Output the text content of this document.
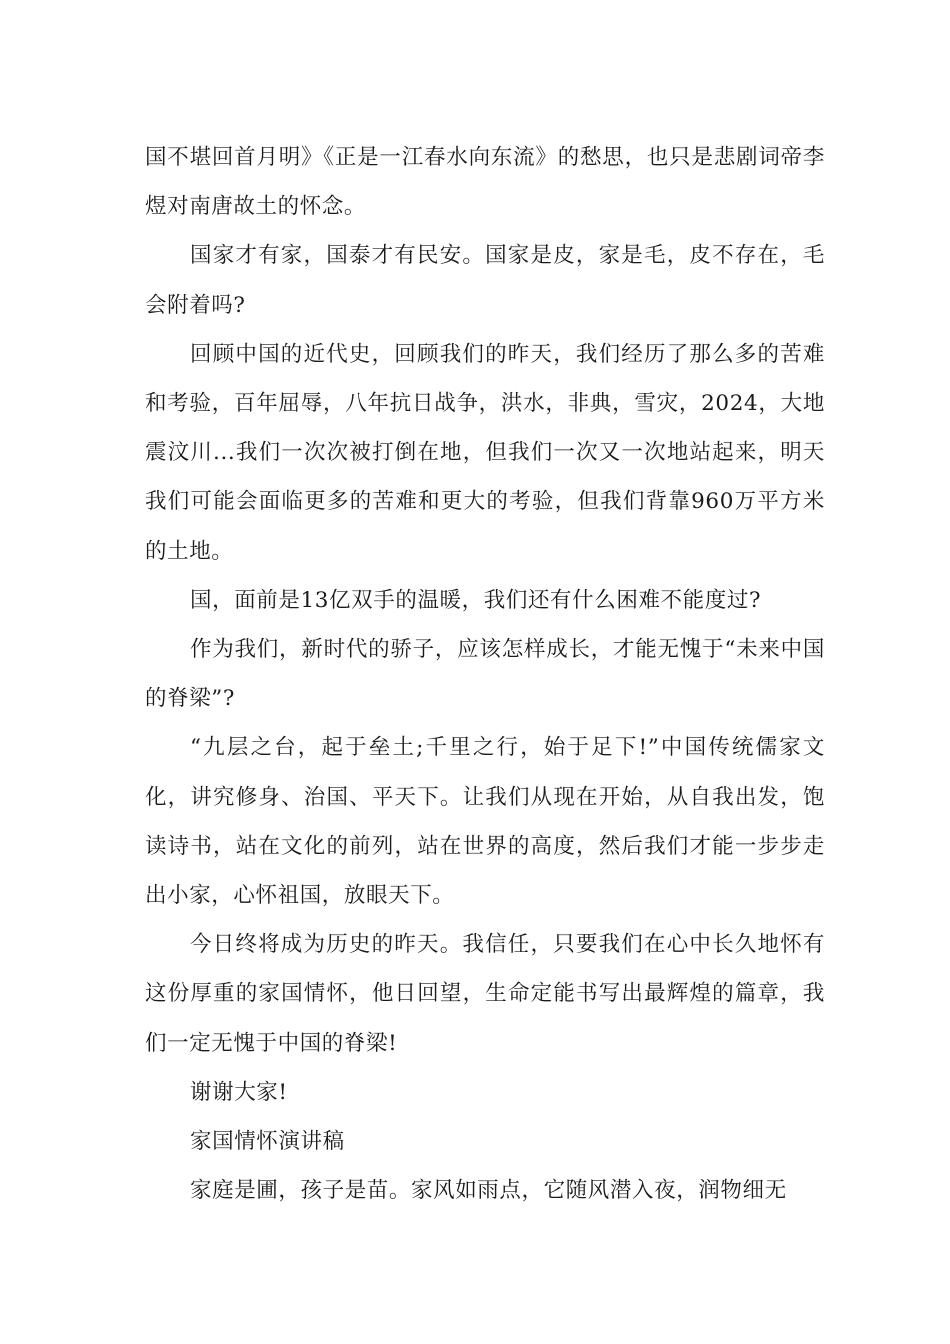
国不堪回首月明》《正是一江春水向东流》的愁思，也只是悲剧词帝李煜对南唐故土的怀念。

国家才有家，国泰才有民安。国家是皮，家是毛，皮不存在，毛会附着吗?

回顾中国的近代史，回顾我们的昨天，我们经历了那么多的苦难和考验，百年屈辱，八年抗日战争，洪水，非典，雪灾，2024，大地震汶川...我们一次次被打倒在地，但我们一次又一次地站起来，明天我们可能会面临更多的苦难和更大的考验，但我们背靠960万平方米的土地。

国，面前是13亿双手的温暖，我们还有什么困难不能度过?

作为我们，新时代的骄子，应该怎样成长，才能无愧于“未来中国的脊梁”?

“九层之台，起于垒土;千里之行，始于足下!”中国传统儒家文化，讲究修身、治国、平天下。让我们从现在开始，从自我出发，饱读诗书，站在文化的前列，站在世界的高度，然后我们才能一步步走出小家，心怀祖国，放眼天下。

今日终将成为历史的昨天。我信任，只要我们在心中长久地怀有这份厚重的家国情怀，他日回望，生命定能书写出最辉煌的篇章，我们一定无愧于中国的脊梁!

谢谢大家!

家国情怀演讲稿

家庭是圃，孩子是苗。家风如雨点，它随风潜入夜，润物细无
